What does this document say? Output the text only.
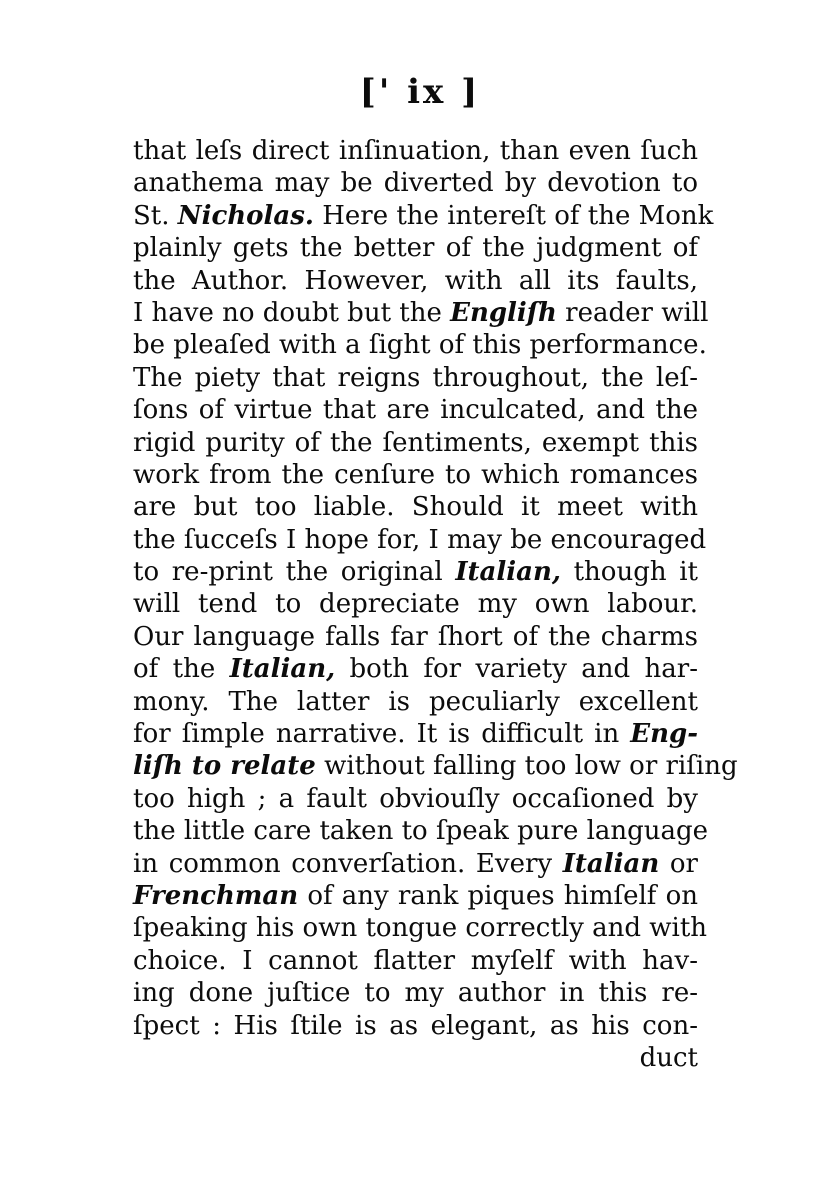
[' ix ]
that leſs direct inſinuation, than even ſuch
anathema may be diverted by devotion to
St. Nicholas. Here the intereſt of the Monk
plainly gets the better of the judgment of
the Author. However, with all its faults,
I have no doubt but the Engliſh reader will
be pleaſed with a ſight of this performance.
The piety that reigns throughout, the leſ-
ſons of virtue that are inculcated, and the
rigid purity of the ſentiments, exempt this
work from the cenſure to which romances
are but too liable. Should it meet with
the ſucceſs I hope for, I may be encouraged
to re-print the original Italian, though it
will tend to depreciate my own labour.
Our language falls far ſhort of the charms
of the Italian, both for variety and har-
mony. The latter is peculiarly excellent
for ſimple narrative. It is difficult in Eng-
liſh to relate without falling too low or riſing
too high ; a fault obviouſly occaſioned by
the little care taken to ſpeak pure language
in common converſation. Every Italian or
Frenchman of any rank piques himſelf on
ſpeaking his own tongue correctly and with
choice. I cannot flatter myſelf with hav-
ing done juſtice to my author in this re-
ſpect : His ſtile is as elegant, as his con-
duct
